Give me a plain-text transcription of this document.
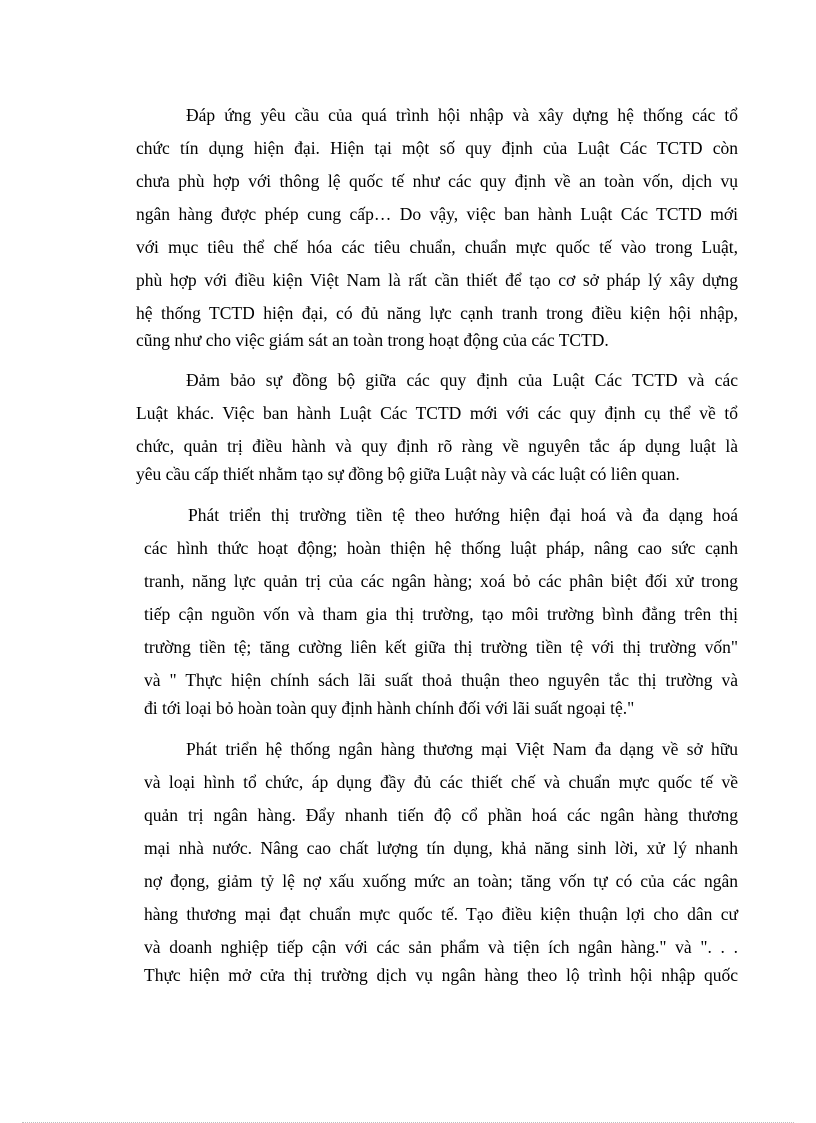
Đáp ứng yêu cầu của quá trình hội nhập và xây dựng hệ thống các tổ
chức tín dụng hiện đại. Hiện tại một số quy định của Luật Các TCTD còn
chưa phù hợp với thông lệ quốc tế như các quy định về an toàn vốn, dịch vụ
ngân hàng được phép cung cấp… Do vậy, việc ban hành Luật Các TCTD mới
với mục tiêu thể chế hóa các tiêu chuẩn, chuẩn mực quốc tế vào trong Luật,
phù hợp với điều kiện Việt Nam là rất cần thiết để tạo cơ sở pháp lý xây dựng
hệ thống TCTD hiện đại, có đủ năng lực cạnh tranh trong điều kiện hội nhập,
cũng như cho việc giám sát an toàn trong hoạt động của các TCTD.
Đảm bảo sự đồng bộ giữa các quy định của Luật Các TCTD và các
Luật khác. Việc ban hành Luật Các TCTD mới với các quy định cụ thể về tổ
chức, quản trị điều hành và quy định rõ ràng về nguyên tắc áp dụng luật là
yêu cầu cấp thiết nhằm tạo sự đồng bộ giữa Luật này và các luật có liên quan.
Phát triển thị trường tiền tệ theo hướng hiện đại hoá và đa dạng hoá
các hình thức hoạt động; hoàn thiện hệ thống luật pháp, nâng cao sức cạnh
tranh, năng lực quản trị của các ngân hàng; xoá bỏ các phân biệt đối xử trong
tiếp cận nguồn vốn và tham gia thị trường, tạo môi trường bình đẳng trên thị
trường tiền tệ; tăng cường liên kết giữa thị trường tiền tệ với thị trường vốn"
và " Thực hiện chính sách lãi suất thoả thuận theo nguyên tắc thị trường và
đi tới loại bỏ hoàn toàn quy định hành chính đối với lãi suất ngoại tệ."
Phát triển hệ thống ngân hàng thương mại Việt Nam đa dạng về sở hữu
và loại hình tổ chức, áp dụng đầy đủ các thiết chế và chuẩn mực quốc tế về
quản trị ngân hàng. Đẩy nhanh tiến độ cổ phần hoá các ngân hàng thương
mại nhà nước. Nâng cao chất lượng tín dụng, khả năng sinh lời, xử lý nhanh
nợ đọng, giảm tỷ lệ nợ xấu xuống mức an toàn; tăng vốn tự có của các ngân
hàng thương mại đạt chuẩn mực quốc tế. Tạo điều kiện thuận lợi cho dân cư
và doanh nghiệp tiếp cận với các sản phẩm và tiện ích ngân hàng." và ". . .
Thực hiện mở cửa thị trường dịch vụ ngân hàng theo lộ trình hội nhập quốc
